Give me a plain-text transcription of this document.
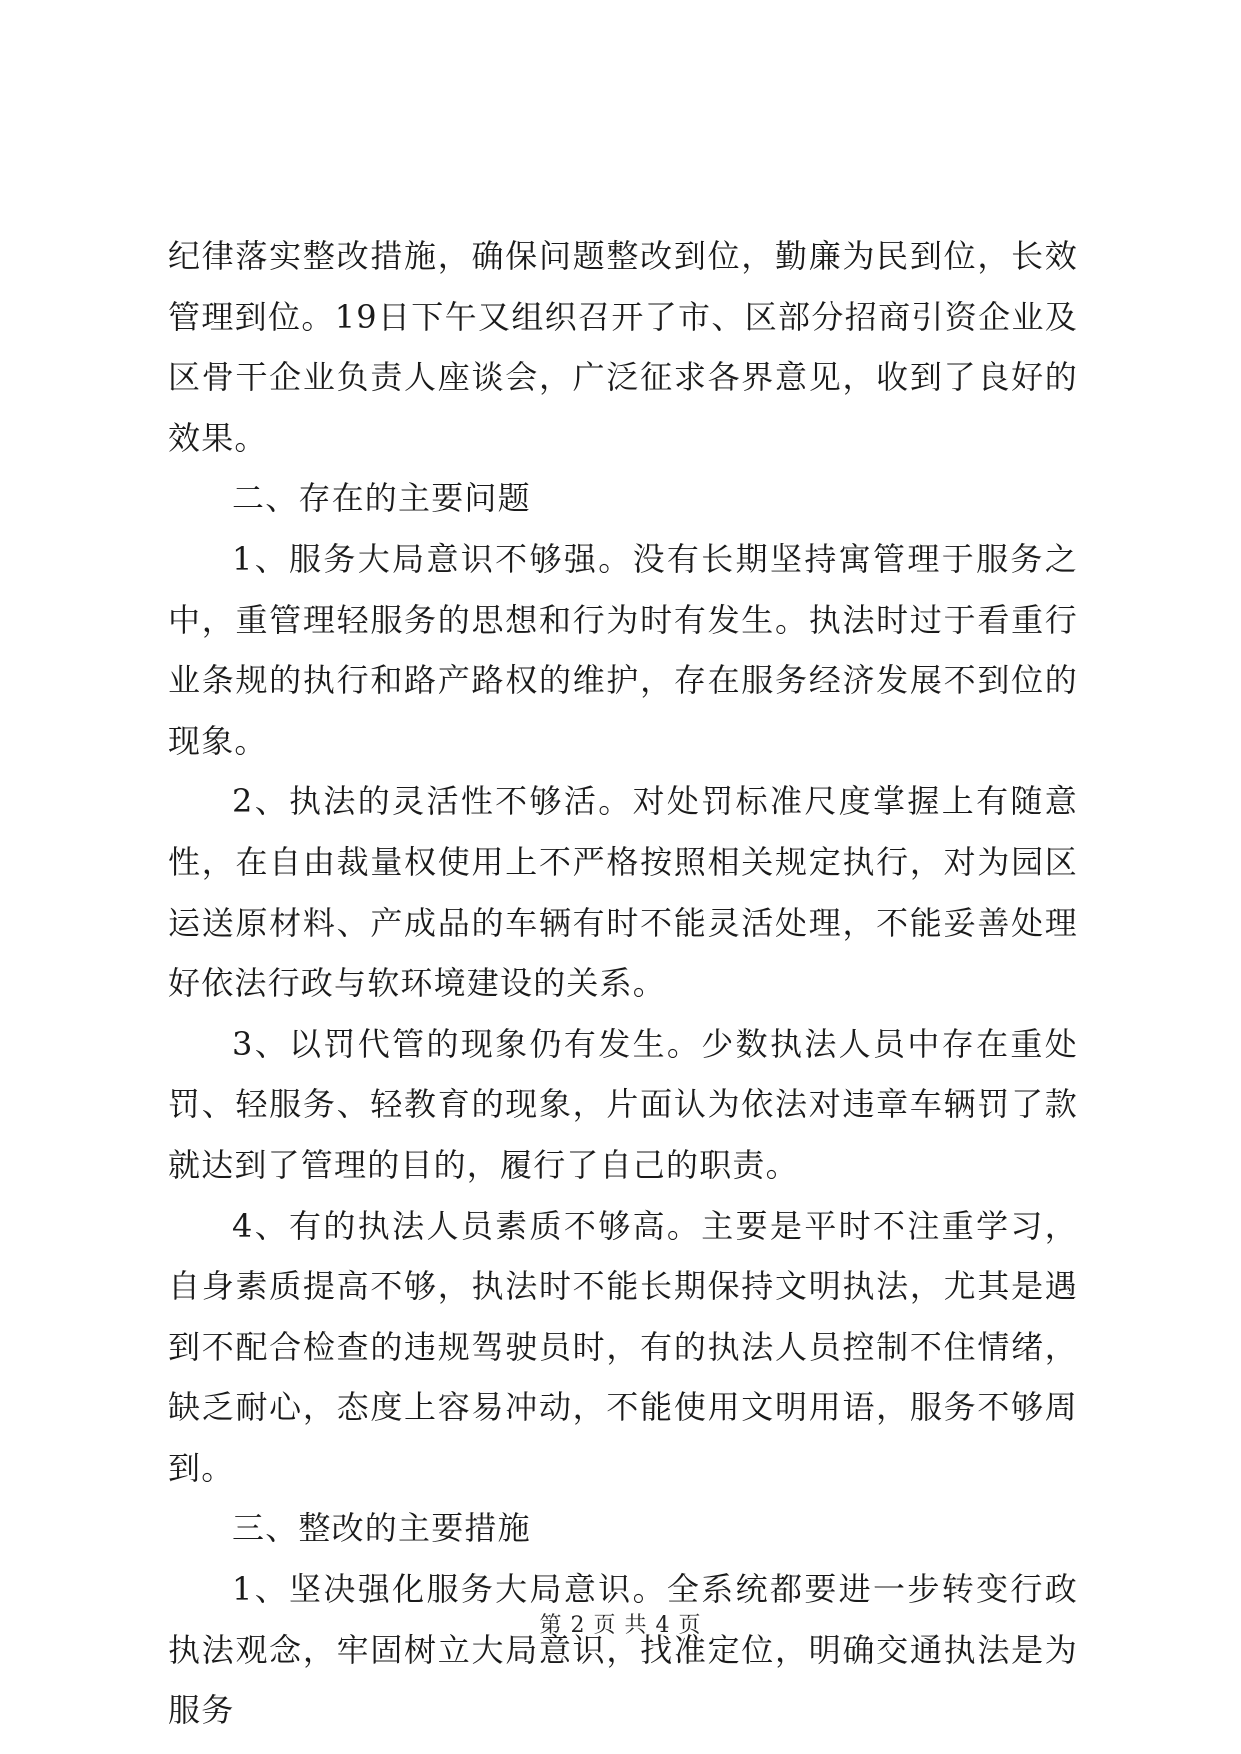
纪律落实整改措施，确保问题整改到位，勤廉为民到位，长效管理到位。19日下午又组织召开了市、区部分招商引资企业及区骨干企业负责人座谈会，广泛征求各界意见，收到了良好的效果。

二、存在的主要问题

1、服务大局意识不够强。没有长期坚持寓管理于服务之中，重管理轻服务的思想和行为时有发生。执法时过于看重行业条规的执行和路产路权的维护，存在服务经济发展不到位的现象。

2、执法的灵活性不够活。对处罚标准尺度掌握上有随意性，在自由裁量权使用上不严格按照相关规定执行，对为园区运送原材料、产成品的车辆有时不能灵活处理，不能妥善处理好依法行政与软环境建设的关系。

3、以罚代管的现象仍有发生。少数执法人员中存在重处罚、轻服务、轻教育的现象，片面认为依法对违章车辆罚了款就达到了管理的目的，履行了自己的职责。

4、有的执法人员素质不够高。主要是平时不注重学习，自身素质提高不够，执法时不能长期保持文明执法，尤其是遇到不配合检查的违规驾驶员时，有的执法人员控制不住情绪，缺乏耐心，态度上容易冲动，不能使用文明用语，服务不够周到。

三、整改的主要措施

1、坚决强化服务大局意识。全系统都要进一步转变行政执法观念，牢固树立大局意识，找准定位，明确交通执法是为服务

第 2 页 共 4 页
